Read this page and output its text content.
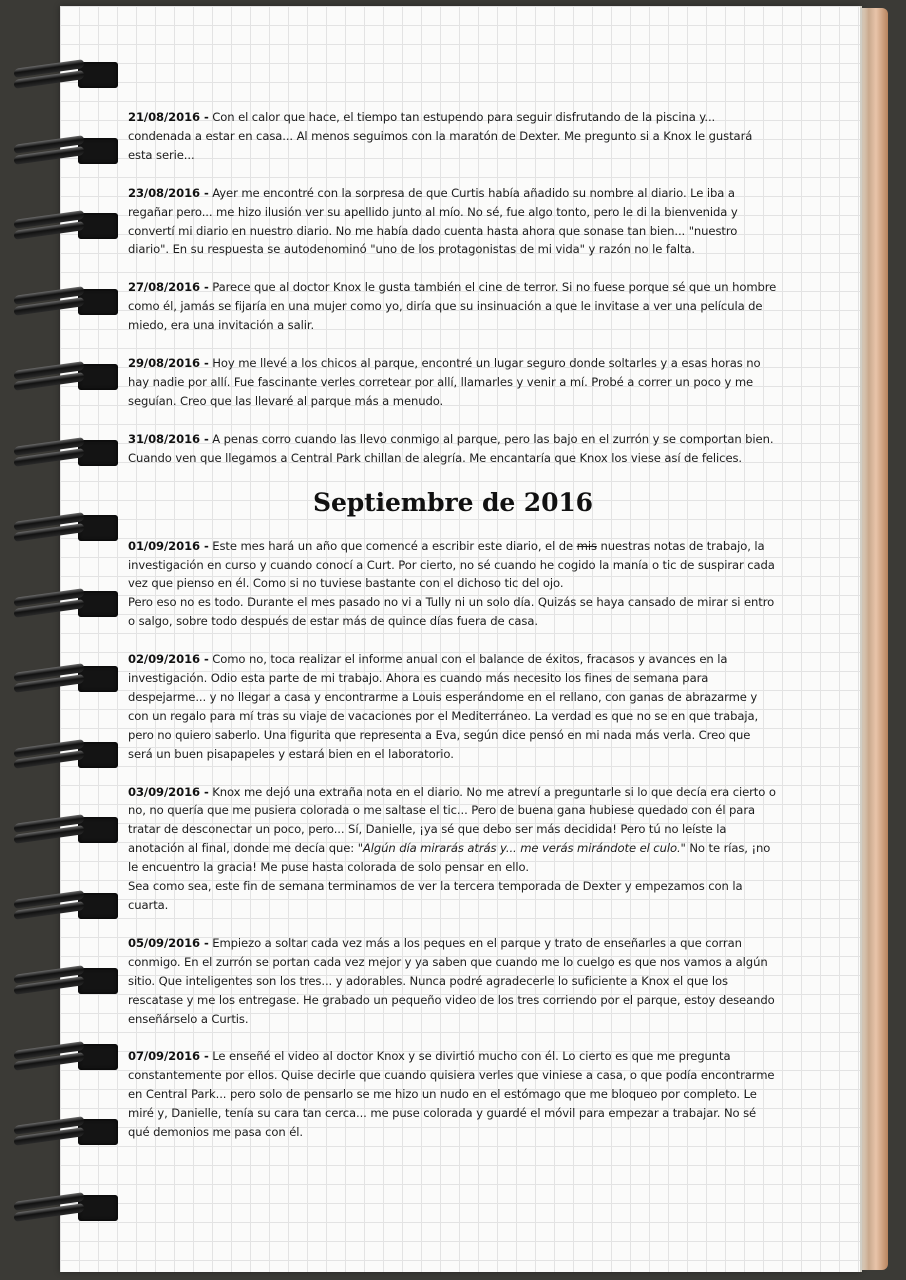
21/08/2016 - Con el calor que hace, el tiempo tan estupendo para seguir disfrutando de la piscina y... condenada a estar en casa... Al menos seguimos con la maratón de Dexter. Me pregunto si a Knox le gustará esta serie...

23/08/2016 - Ayer me encontré con la sorpresa de que Curtis había añadido su nombre al diario. Le iba a regañar pero... me hizo ilusión ver su apellido junto al mío. No sé, fue algo tonto, pero le di la bienvenida y convertí mi diario en nuestro diario. No me había dado cuenta hasta ahora que sonase tan bien... "nuestro diario". En su respuesta se autodenominó "uno de los protagonistas de mi vida" y razón no le falta.

27/08/2016 - Parece que al doctor Knox le gusta también el cine de terror. Si no fuese porque sé que un hombre como él, jamás se fijaría en una mujer como yo, diría que su insinuación a que le invitase a ver una película de miedo, era una invitación a salir.

29/08/2016 - Hoy me llevé a los chicos al parque, encontré un lugar seguro donde soltarles y a esas horas no hay nadie por allí. Fue fascinante verles corretear por allí, llamarles y venir a mí. Probé a correr un poco y me seguían. Creo que las llevaré al parque más a menudo.

31/08/2016 - A penas corro cuando las llevo conmigo al parque, pero las bajo en el zurrón y se comportan bien. Cuando ven que llegamos a Central Park chillan de alegría. Me encantaría que Knox los viese así de felices.

Septiembre de 2016

01/09/2016 - Este mes hará un año que comencé a escribir este diario, el de mis nuestras notas de trabajo, la investigación en curso y cuando conocí a Curt. Por cierto, no sé cuando he cogido la manía o tic de suspirar cada vez que pienso en él. Como si no tuviese bastante con el dichoso tic del ojo.

Pero eso no es todo. Durante el mes pasado no vi a Tully ni un solo día. Quizás se haya cansado de mirar si entro o salgo, sobre todo después de estar más de quince días fuera de casa.

02/09/2016 - Como no, toca realizar el informe anual con el balance de éxitos, fracasos y avances en la investigación. Odio esta parte de mi trabajo. Ahora es cuando más necesito los fines de semana para despejarme... y no llegar a casa y encontrarme a Louis esperándome en el rellano, con ganas de abrazarme y con un regalo para mí tras su viaje de vacaciones por el Mediterráneo. La verdad es que no se en que trabaja, pero no quiero saberlo. Una figurita que representa a Eva, según dice pensó en mi nada más verla. Creo que será un buen pisapapeles y estará bien en el laboratorio.

03/09/2016 - Knox me dejó una extraña nota en el diario. No me atreví a preguntarle si lo que decía era cierto o no, no quería que me pusiera colorada o me saltase el tic... Pero de buena gana hubiese quedado con él para tratar de desconectar un poco, pero... Sí, Danielle, ¡ya sé que debo ser más decidida! Pero tú no leíste la anotación al final, donde me decía que: "Algún día mirarás atrás y... me verás mirándote el culo." No te rías, ¡no le encuentro la gracia! Me puse hasta colorada de solo pensar en ello.

Sea como sea, este fin de semana terminamos de ver la tercera temporada de Dexter y empezamos con la cuarta.

05/09/2016 - Empiezo a soltar cada vez más a los peques en el parque y trato de enseñarles a que corran conmigo. En el zurrón se portan cada vez mejor y ya saben que cuando me lo cuelgo es que nos vamos a algún sitio. Que inteligentes son los tres... y adorables. Nunca podré agradecerle lo suficiente a Knox el que los rescatase y me los entregase. He grabado un pequeño video de los tres corriendo por el parque, estoy deseando enseñárselo a Curtis.

07/09/2016 - Le enseñé el video al doctor Knox y se divirtió mucho con él. Lo cierto es que me pregunta constantemente por ellos. Quise decirle que cuando quisiera verles que viniese a casa, o que podía encontrarme en Central Park... pero solo de pensarlo se me hizo un nudo en el estómago que me bloqueo por completo. Le miré y, Danielle, tenía su cara tan cerca... me puse colorada y guardé el móvil para empezar a trabajar. No sé qué demonios me pasa con él.
